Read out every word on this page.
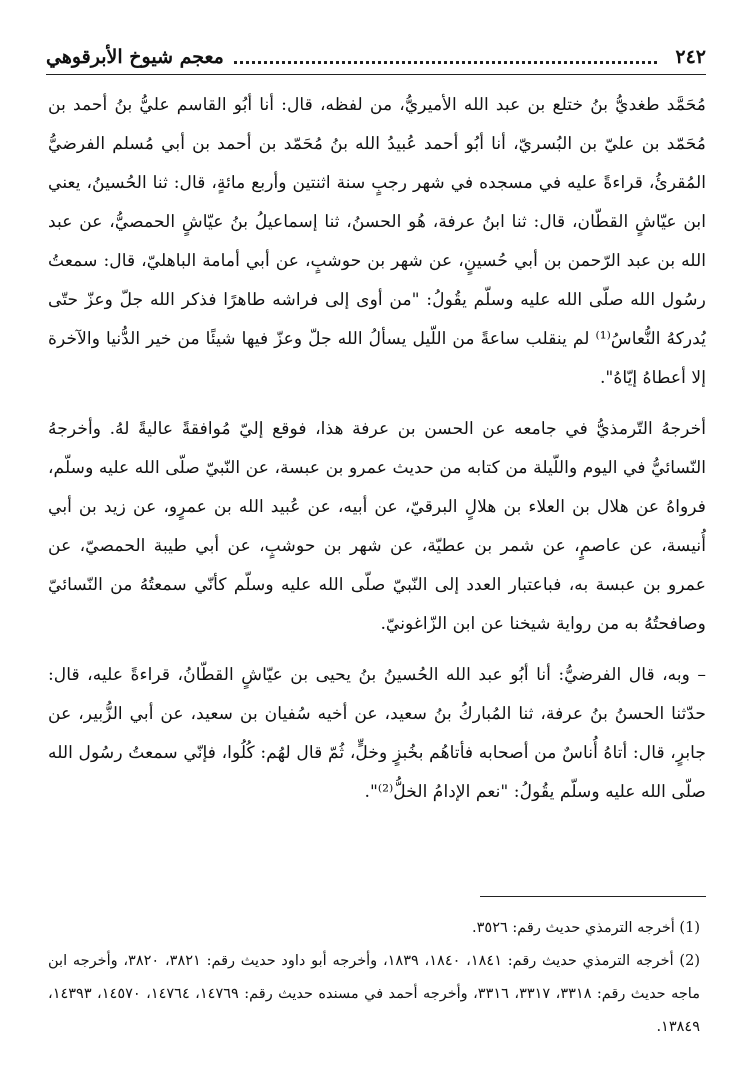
٢٤٢
معجم شيوخ الأبرقوهي

مُحَمَّد طغديُّ بنُ ختلع بن عبد الله الأميريُّ، من لفظه، قال: أنا أبُو القاسم عليُّ بنُ أحمد بن مُحَمّد بن عليّ بن البُسريّ، أنا أبُو أحمد عُبيدُ الله بنُ مُحَمّد بن أحمد بن أبي مُسلم الفرضيُّ المُقرئُ، قراءةً عليه في مسجده في شهر رجبٍ سنة اثنتين وأربع مائةٍ، قال: ثنا الحُسينُ، يعني ابن عيّاشٍ القطّان، قال: ثنا ابنُ عرفة، هُو الحسنُ، ثنا إسماعيلُ بنُ عيّاشٍ الحمصيُّ، عن عبد الله بن عبد الرّحمن بن أبي حُسينٍ، عن شهر بن حوشبٍ، عن أبي أمامة الباهليّ، قال: سمعتُ رسُول الله صلّى الله عليه وسلّم يقُولُ: "من أوى إلى فراشه طاهرًا فذكر الله جلّ وعزّ حتّى يُدركهُ النُّعاسُ⁽¹⁾ لم ينقلب ساعةً من اللّيل يسألُ الله جلّ وعزّ فيها شيئًا من خير الدُّنيا والآخرة إلا أعطاهُ إيّاهُ".

أخرجهُ التّرمذيُّ في جامعه عن الحسن بن عرفة هذا، فوقع إليّ مُوافقةً عاليةً لهُ. وأخرجهُ النّسائيُّ في اليوم واللّيلة من كتابه من حديث عمرو بن عبسة، عن النّبيّ صلّى الله عليه وسلّم، فرواهُ عن هلال بن العلاء بن هلالٍ البرقيّ، عن أبيه، عن عُبيد الله بن عمرٍو، عن زيد بن أبي أُنيسة، عن عاصمٍ، عن شمر بن عطيّة، عن شهر بن حوشبٍ، عن أبي طيبة الحمصيّ، عن عمرو بن عبسة به، فباعتبار العدد إلى النّبيّ صلّى الله عليه وسلّم كأنّي سمعتُهُ من النّسائيّ وصافحتُهُ به من رواية شيخنا عن ابن الزّاغونيّ.

– وبه، قال الفرضيُّ: أنا أبُو عبد الله الحُسينُ بنُ يحيى بن عيّاشٍ القطّانُ، قراءةً عليه، قال: حدّثنا الحسنُ بنُ عرفة، ثنا المُباركُ بنُ سعيد، عن أخيه سُفيان بن سعيد، عن أبي الزُّبير، عن جابرٍ، قال: أتاهُ أُناسٌ من أصحابه فأتاهُم بخُبزٍ وخلٍّ، ثُمّ قال لهُم: كُلُوا، فإنّي سمعتُ رسُول الله صلّى الله عليه وسلّم يقُولُ: "نعم الإدامُ الخلُّ⁽²⁾".

(1) أخرجه الترمذي حديث رقم: ٣٥٢٦.

(2) أخرجه الترمذي حديث رقم: ١٨٤١، ١٨٤٠، ١٨٣٩، وأخرجه أبو داود حديث رقم: ٣٨٢١، ٣٨٢٠، وأخرجه ابن ماجه حديث رقم: ٣٣١٨، ٣٣١٧، ٣٣١٦، وأخرجه أحمد في مسنده حديث رقم: ١٤٧٦٩، ١٤٧٦٤، ١٤٥٧٠، ١٤٣٩٣، ١٣٨٤٩.
